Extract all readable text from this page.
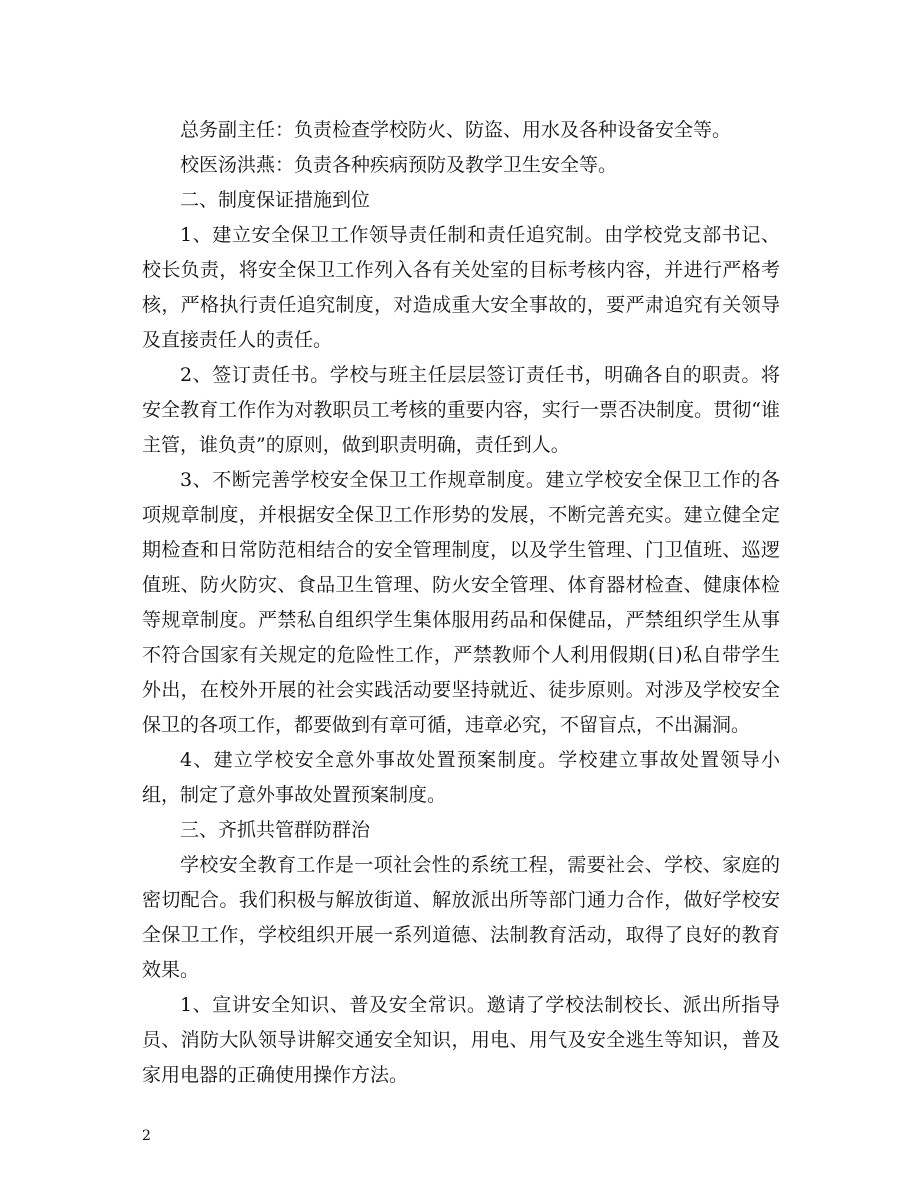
总务副主任：负责检查学校防火、防盗、用水及各种设备安全等。

校医汤洪燕：负责各种疾病预防及教学卫生安全等。

二、制度保证措施到位

1、建立安全保卫工作领导责任制和责任追究制。由学校党支部书记、校长负责，将安全保卫工作列入各有关处室的目标考核内容，并进行严格考核，严格执行责任追究制度，对造成重大安全事故的，要严肃追究有关领导及直接责任人的责任。

2、签订责任书。学校与班主任层层签订责任书，明确各自的职责。将安全教育工作作为对教职员工考核的重要内容，实行一票否决制度。贯彻“谁主管，谁负责”的原则，做到职责明确，责任到人。

3、不断完善学校安全保卫工作规章制度。建立学校安全保卫工作的各项规章制度，并根据安全保卫工作形势的发展，不断完善充实。建立健全定期检查和日常防范相结合的安全管理制度，以及学生管理、门卫值班、巡逻值班、防火防灾、食品卫生管理、防火安全管理、体育器材检查、健康体检等规章制度。严禁私自组织学生集体服用药品和保健品，严禁组织学生从事不符合国家有关规定的危险性工作，严禁教师个人利用假期(日)私自带学生外出，在校外开展的社会实践活动要坚持就近、徒步原则。对涉及学校安全保卫的各项工作，都要做到有章可循，违章必究，不留盲点，不出漏洞。

4、建立学校安全意外事故处置预案制度。学校建立事故处置领导小组，制定了意外事故处置预案制度。

三、齐抓共管群防群治

学校安全教育工作是一项社会性的系统工程，需要社会、学校、家庭的密切配合。我们积极与解放街道、解放派出所等部门通力合作，做好学校安全保卫工作，学校组织开展一系列道德、法制教育活动，取得了良好的教育效果。

1、宣讲安全知识、普及安全常识。邀请了学校法制校长、派出所指导员、消防大队领导讲解交通安全知识，用电、用气及安全逃生等知识，普及家用电器的正确使用操作方法。

2
